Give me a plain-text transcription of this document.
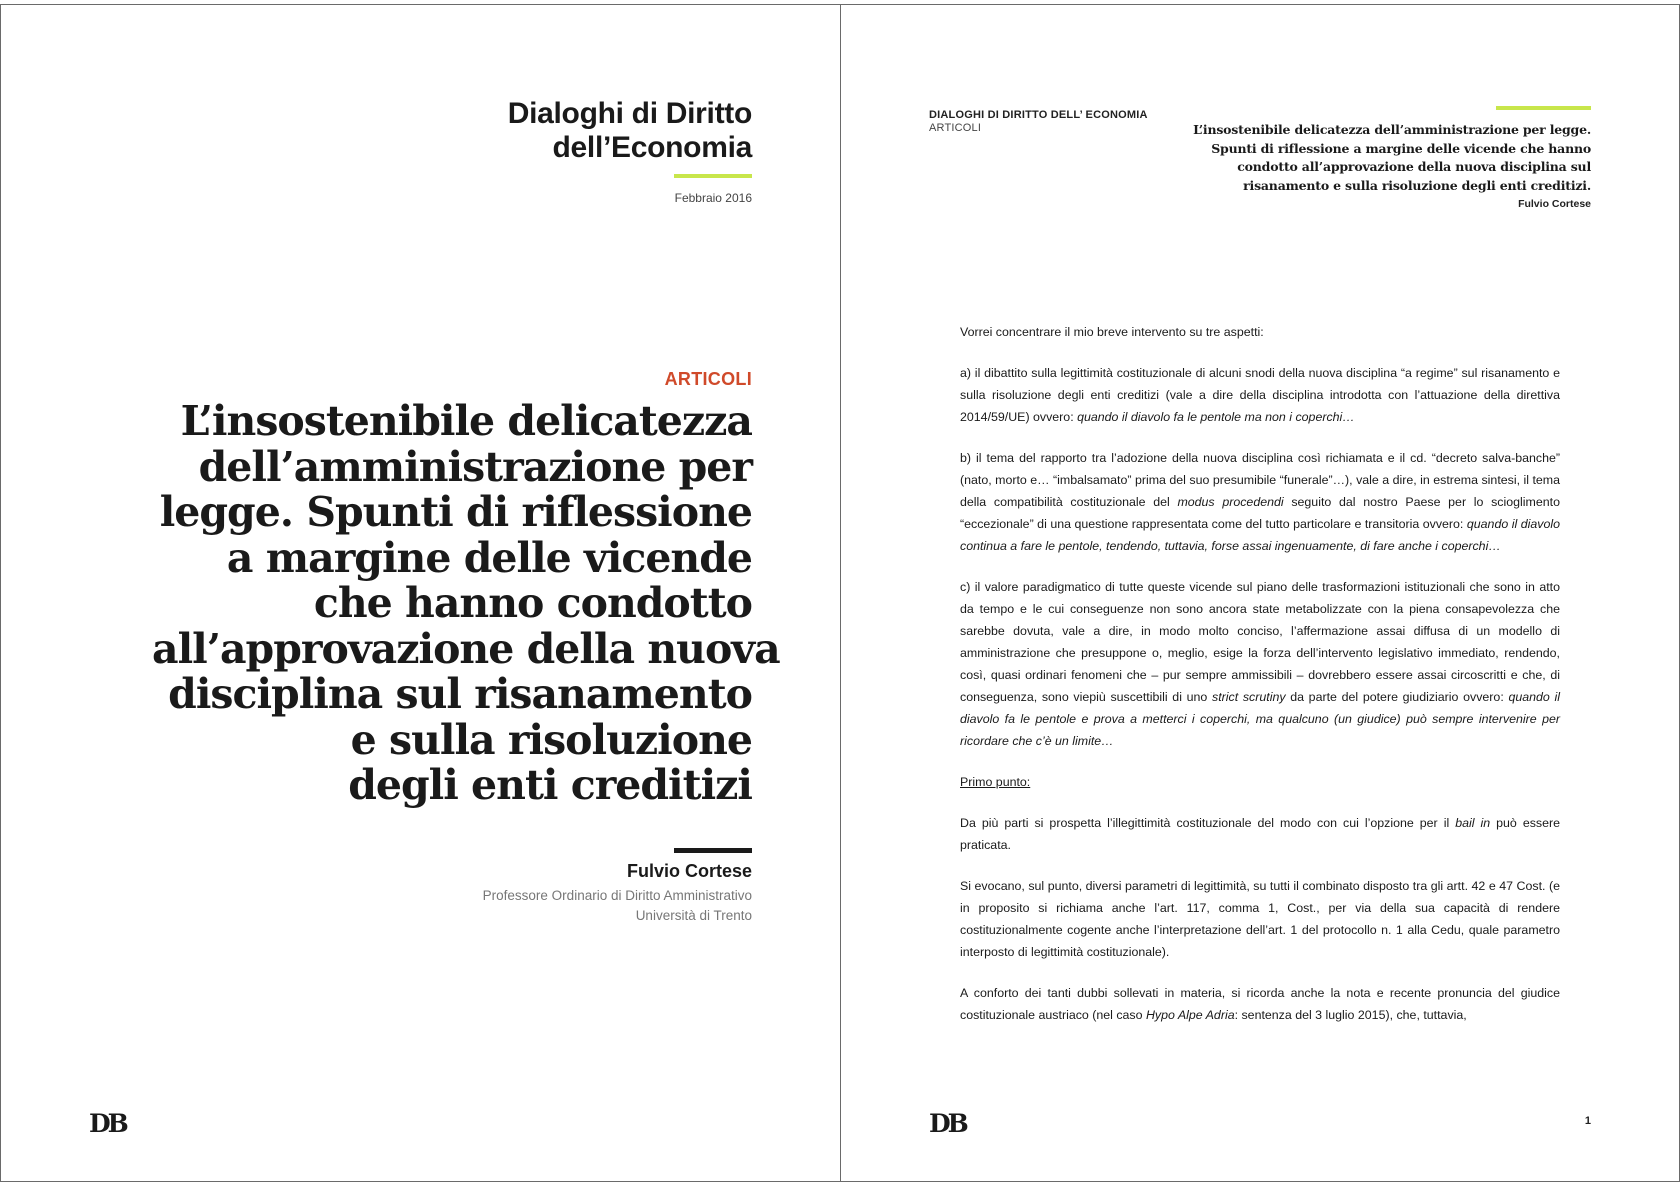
Dialoghi di Diritto
dell’Economia
Febbraio 2016
ARTICOLI
L’insostenibile delicatezza
dell’amministrazione per
legge. Spunti di riflessione
a margine delle vicende
che hanno condotto
all’approvazione della nuova
disciplina sul risanamento
e sulla risoluzione
degli enti creditizi
Fulvio Cortese
Professore Ordinario di Diritto Amministrativo
Università di Trento
DB
DIALOGHI DI DIRITTO DELL’ ECONOMIA
ARTICOLI	L’insostenibile delicatezza dell’amministrazione per legge.
Spunti di riflessione a margine delle vicende che hanno
condotto all’approvazione della nuova disciplina sul
risanamento e sulla risoluzione degli enti creditizi.
Fulvio Cortese

Vorrei concentrare il mio breve intervento su tre aspetti:

a) il dibattito sulla legittimità costituzionale di alcuni snodi della nuova disciplina “a regime” sul risanamento e sulla risoluzione degli enti creditizi (vale a dire della disciplina introdotta con l’attuazione della direttiva 2014/59/UE) ovvero: quando il diavolo fa le pentole ma non i coperchi…

b) il tema del rapporto tra l’adozione della nuova disciplina così richiamata e il cd. “decreto salva-banche” (nato, morto e… “imbalsamato” prima del suo presumibile “funerale”…), vale a dire, in estrema sintesi, il tema della compatibilità costituzionale del modus procedendi seguito dal nostro Paese per lo scioglimento “eccezionale” di una questione rappresentata come del tutto particolare e transitoria ovvero: quando il diavolo continua a fare le pentole, tendendo, tuttavia, forse assai ingenuamente, di fare anche i coperchi…

c) il valore paradigmatico di tutte queste vicende sul piano delle trasformazioni istituzionali che sono in atto da tempo e le cui conseguenze non sono ancora state metabolizzate con la piena consapevolezza che sarebbe dovuta, vale a dire, in modo molto conciso, l’affermazione assai diffusa di un modello di amministrazione che presuppone o, meglio, esige la forza dell’intervento legislativo immediato, rendendo, così, quasi ordinari fenomeni che – pur sempre ammissibili – dovrebbero essere assai circoscritti e che, di conseguenza, sono viepiù suscettibili di uno strict scrutiny da parte del potere giudiziario ovvero: quando il diavolo fa le pentole e prova a metterci i coperchi, ma qualcuno (un giudice) può sempre intervenire per ricordare che c’è un limite…

Primo punto:

Da più parti si prospetta l’illegittimità costituzionale del modo con cui l’opzione per il bail in può essere praticata.

Si evocano, sul punto, diversi parametri di legittimità, su tutti il combinato disposto tra gli artt. 42 e 47 Cost. (e in proposito si richiama anche l’art. 117, comma 1, Cost., per via della sua capacità di rendere costituzionalmente cogente anche l’interpretazione dell’art. 1 del protocollo n. 1 alla Cedu, quale parametro interposto di legittimità costituzionale).

A conforto dei tanti dubbi sollevati in materia, si ricorda anche la nota e recente pronuncia del giudice costituzionale austriaco (nel caso Hypo Alpe Adria: sentenza del 3 luglio 2015), che, tuttavia,

DB	1
